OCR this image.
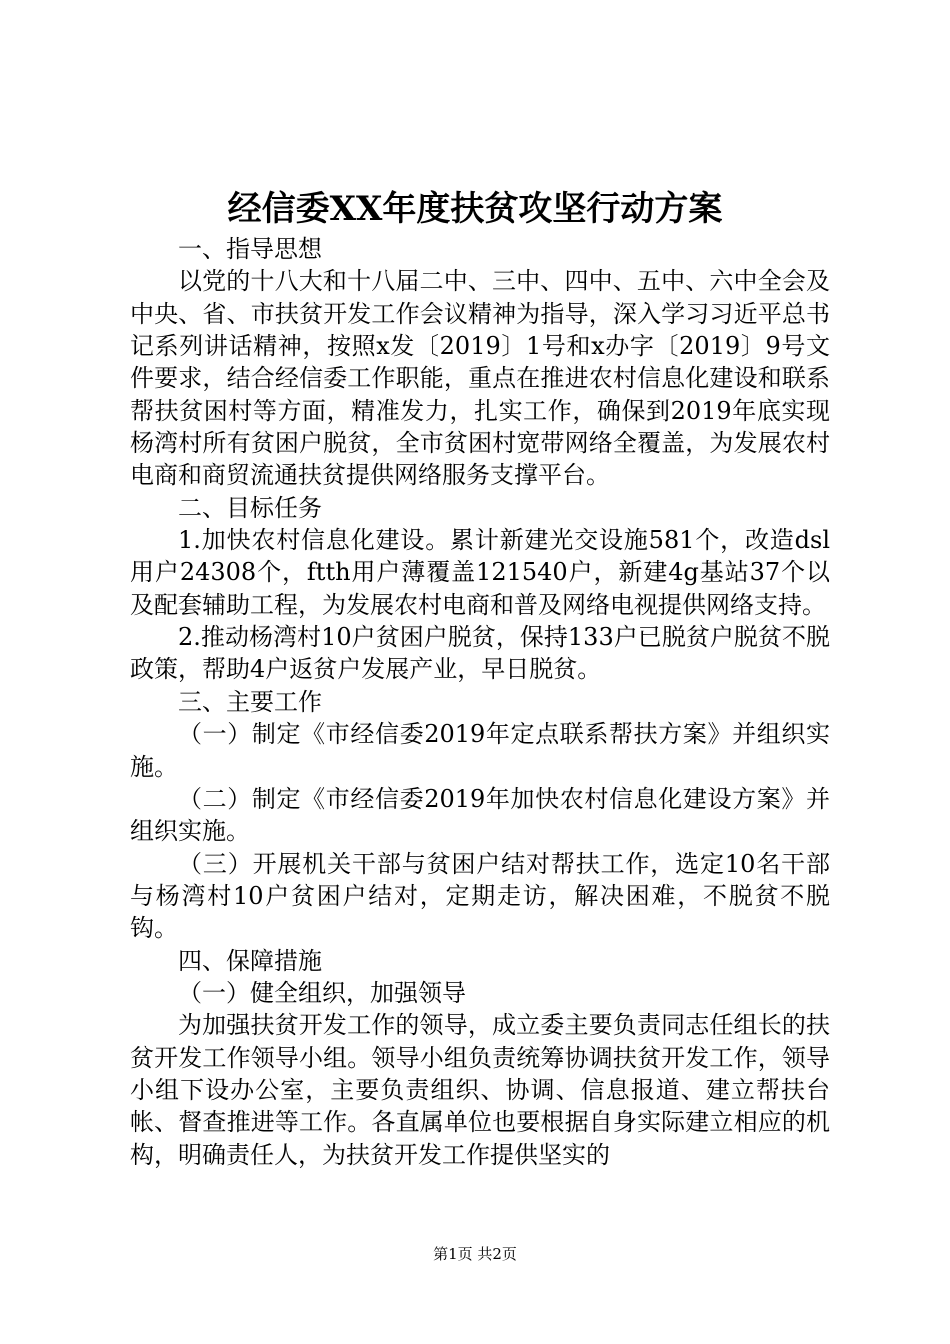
经信委XX年度扶贫攻坚行动方案

一、指导思想

以党的十八大和十八届二中、三中、四中、五中、六中全会及中央、省、市扶贫开发工作会议精神为指导，深入学习习近平总书记系列讲话精神，按照x发〔2019〕1号和x办字〔2019〕9号文件要求，结合经信委工作职能，重点在推进农村信息化建设和联系帮扶贫困村等方面，精准发力，扎实工作，确保到2019年底实现杨湾村所有贫困户脱贫，全市贫困村宽带网络全覆盖，为发展农村电商和商贸流通扶贫提供网络服务支撑平台。

二、目标任务

1.加快农村信息化建设。累计新建光交设施581个，改造dsl用户24308个，ftth用户薄覆盖121540户，新建4g基站37个以及配套辅助工程，为发展农村电商和普及网络电视提供网络支持。

2.推动杨湾村10户贫困户脱贫，保持133户已脱贫户脱贫不脱政策，帮助4户返贫户发展产业，早日脱贫。

三、主要工作

（一）制定《市经信委2019年定点联系帮扶方案》并组织实施。

（二）制定《市经信委2019年加快农村信息化建设方案》并组织实施。

（三）开展机关干部与贫困户结对帮扶工作，选定10名干部与杨湾村10户贫困户结对，定期走访，解决困难，不脱贫不脱钩。

四、保障措施

（一）健全组织，加强领导

为加强扶贫开发工作的领导，成立委主要负责同志任组长的扶贫开发工作领导小组。领导小组负责统筹协调扶贫开发工作，领导小组下设办公室，主要负责组织、协调、信息报道、建立帮扶台帐、督查推进等工作。各直属单位也要根据自身实际建立相应的机构，明确责任人，为扶贫开发工作提供坚实的

第1页 共2页
